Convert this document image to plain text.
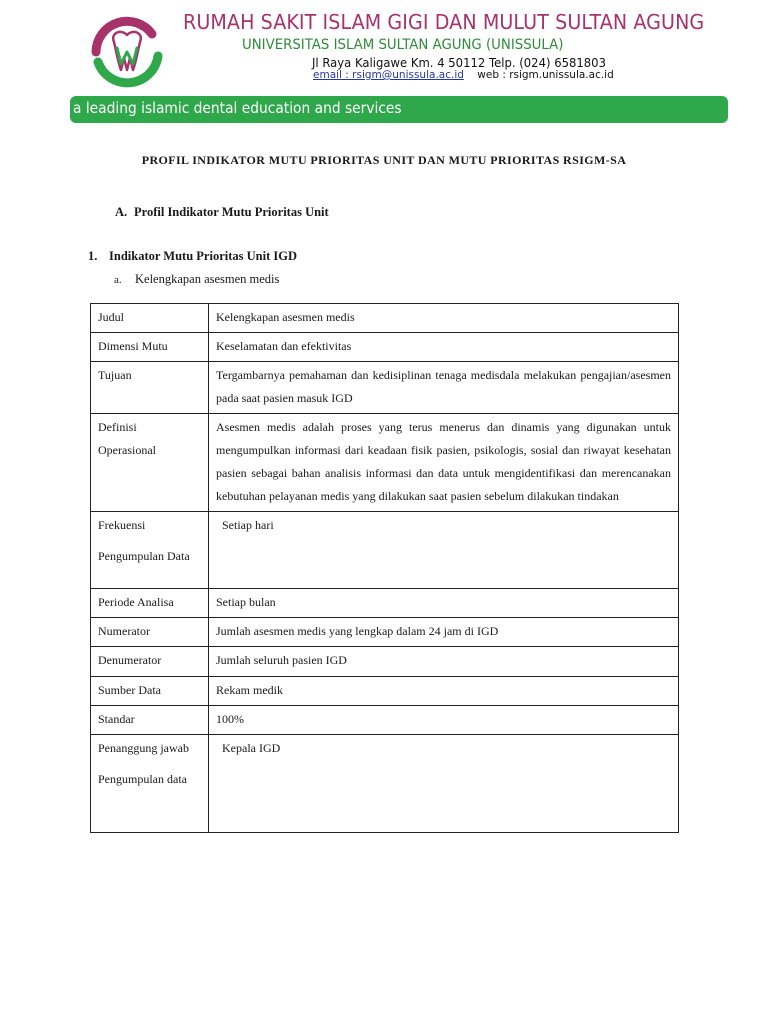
RUMAH SAKIT ISLAM GIGI DAN MULUT SULTAN AGUNG
UNIVERSITAS ISLAM SULTAN AGUNG (UNISSULA)
Jl Raya Kaligawe Km. 4 50112 Telp. (024) 6581803
email : rsigm@unissula.ac.id web : rsigm.unissula.ac.id
a leading islamic dental education and services
PROFIL INDIKATOR MUTU PRIORITAS UNIT DAN MUTU PRIORITAS RSIGM-SA
A. Profil Indikator Mutu Prioritas Unit
1. Indikator Mutu Prioritas Unit IGD
a. Kelengkapan asesmen medis
Judul	Kelengkapan asesmen medis
Dimensi Mutu	Keselamatan dan efektivitas
Tujuan	Tergambarnya pemahaman dan kedisiplinan tenaga medisdala melakukan pengajian/asesmen pada saat pasien masuk IGD

Definisi
Operasional	Asesmen medis adalah proses yang terus menerus dan dinamis yang digunakan untuk mengumpulkan informasi dari keadaan fisik pasien, psikologis, sosial dan riwayat kesehatan pasien sebagai bahan analisis informasi dan data untuk mengidentifikasi dan merencanakan kebutuhan pelayanan medis yang dilakukan saat pasien sebelum dilakukan tindakan

Frekuensi
Pengumpulan Data	Setiap hari
Periode Analisa	Setiap bulan
Numerator	Jumlah asesmen medis yang lengkap dalam 24 jam di IGD
Denumerator	Jumlah seluruh pasien IGD
Sumber Data	Rekam medik
Standar	100%

Penanggung jawab
Pengumpulan data	Kepala IGD
